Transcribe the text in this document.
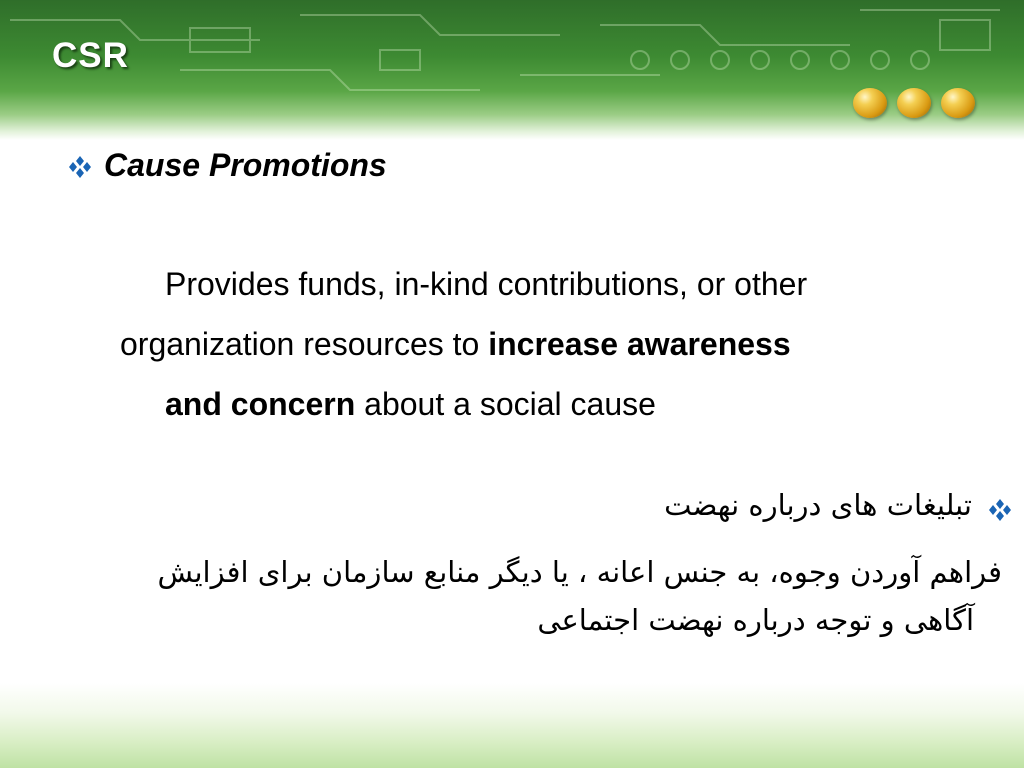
CSR
Cause Promotions
Provides funds, in-kind contributions, or other
organization resources to increase awareness
and concern about a social cause
تبلیغات های درباره نهضت
فراهم آوردن وجوه، به جنس اعانه ، یا دیگر منابع سازمان برای افزایش
آگاهی و توجه درباره نهضت اجتماعی
